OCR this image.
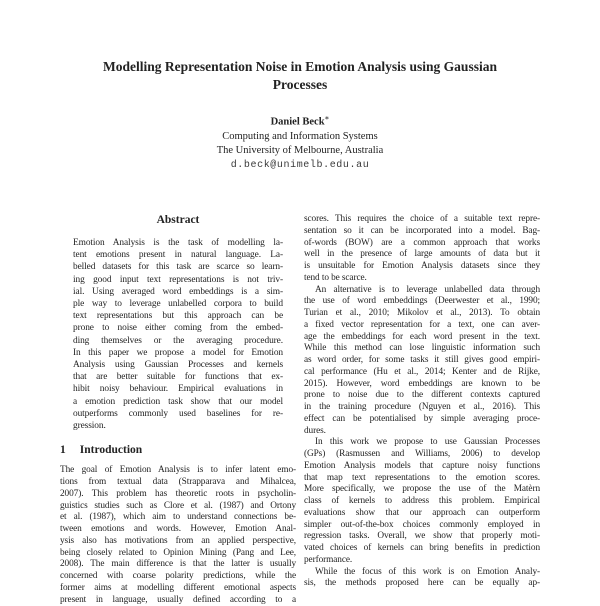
Modelling Representation Noise in Emotion Analysis using Gaussian
Processes
Daniel Beck∗
Computing and Information Systems
The University of Melbourne, Australia
d.beck@unimelb.edu.au
Abstract
Emotion Analysis is the task of modelling la-
tent emotions present in natural language. La-
belled datasets for this task are scarce so learn-
ing good input text representations is not triv-
ial. Using averaged word embeddings is a sim-
ple way to leverage unlabelled corpora to build
text representations but this approach can be
prone to noise either coming from the embed-
ding themselves or the averaging procedure.
In this paper we propose a model for Emotion
Analysis using Gaussian Processes and kernels
that are better suitable for functions that ex-
hibit noisy behaviour. Empirical evaluations in
a emotion prediction task show that our model
outperforms commonly used baselines for re-
gression.
1 Introduction
The goal of Emotion Analysis is to infer latent emo-
tions from textual data (Strapparava and Mihalcea,
2007). This problem has theoretic roots in psycholin-
guistics studies such as Clore et al. (1987) and Ortony
et al. (1987), which aim to understand connections be-
tween emotions and words. However, Emotion Anal-
ysis also has motivations from an applied perspective,
being closely related to Opinion Mining (Pang and Lee,
2008). The main difference is that the latter is usually
concerned with coarse polarity predictions, while the
former aims at modelling different emotional aspects
present in language, usually defined according to a
scores. This requires the choice of a suitable text repre-
sentation so it can be incorporated into a model. Bag-
of-words (BOW) are a common approach that works
well in the presence of large amounts of data but it
is unsuitable for Emotion Analysis datasets since they
tend to be scarce.
An alternative is to leverage unlabelled data through
the use of word embeddings (Deerwester et al., 1990;
Turian et al., 2010; Mikolov et al., 2013). To obtain
a fixed vector representation for a text, one can aver-
age the embeddings for each word present in the text.
While this method can lose linguistic information such
as word order, for some tasks it still gives good empiri-
cal performance (Hu et al., 2014; Kenter and de Rijke,
2015). However, word embeddings are known to be
prone to noise due to the different contexts captured
in the training procedure (Nguyen et al., 2016). This
effect can be potentialised by simple averaging proce-
dures.
In this work we propose to use Gaussian Processes
(GPs) (Rasmussen and Williams, 2006) to develop
Emotion Analysis models that capture noisy functions
that map text representations to the emotion scores.
More specifically, we propose the use of the Matèrn
class of kernels to address this problem. Empirical
evaluations show that our approach can outperform
simpler out-of-the-box choices commonly employed in
regression tasks. Overall, we show that properly moti-
vated choices of kernels can bring benefits in prediction
performance.
While the focus of this work is on Emotion Analy-
sis, the methods proposed here can be equally ap-
